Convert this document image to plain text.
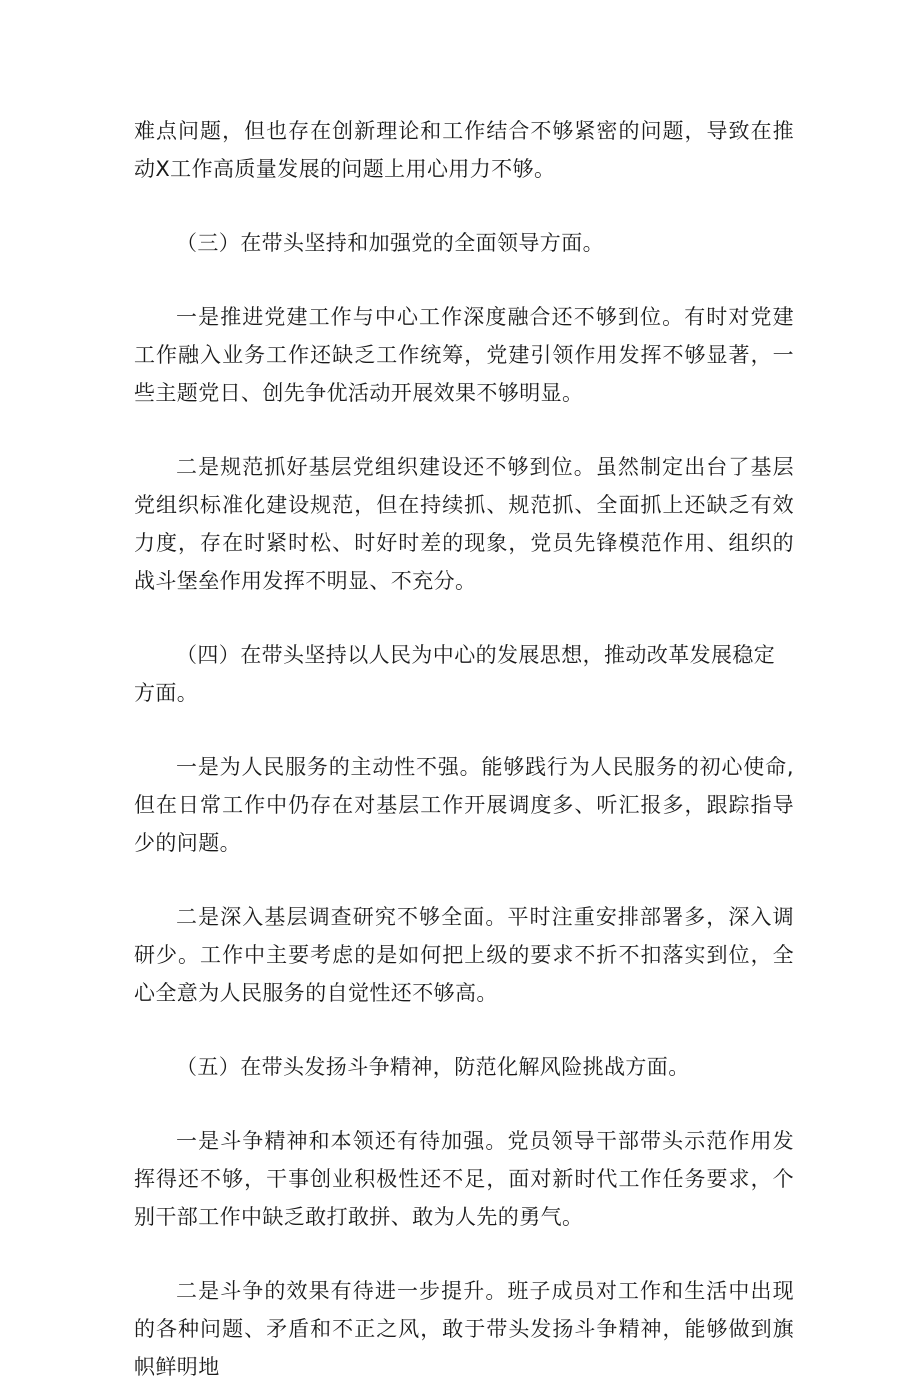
难点问题，但也存在创新理论和工作结合不够紧密的问题，导致在推动X工作高质量发展的问题上用心用力不够。

（三）在带头坚持和加强党的全面领导方面。

一是推进党建工作与中心工作深度融合还不够到位。有时对党建工作融入业务工作还缺乏工作统筹，党建引领作用发挥不够显著，一些主题党日、创先争优活动开展效果不够明显。

二是规范抓好基层党组织建设还不够到位。虽然制定出台了基层党组织标准化建设规范，但在持续抓、规范抓、全面抓上还缺乏有效力度，存在时紧时松、时好时差的现象，党员先锋模范作用、组织的战斗堡垒作用发挥不明显、不充分。

（四）在带头坚持以人民为中心的发展思想，推动改革发展稳定方面。

一是为人民服务的主动性不强。能够践行为人民服务的初心使命,但在日常工作中仍存在对基层工作开展调度多、听汇报多，跟踪指导少的问题。

二是深入基层调查研究不够全面。平时注重安排部署多，深入调研少。工作中主要考虑的是如何把上级的要求不折不扣落实到位，全心全意为人民服务的自觉性还不够高。

（五）在带头发扬斗争精神，防范化解风险挑战方面。

一是斗争精神和本领还有待加强。党员领导干部带头示范作用发挥得还不够，干事创业积极性还不足，面对新时代工作任务要求，个别干部工作中缺乏敢打敢拼、敢为人先的勇气。

二是斗争的效果有待进一步提升。班子成员对工作和生活中出现的各种问题、矛盾和不正之风，敢于带头发扬斗争精神，能够做到旗帜鲜明地
